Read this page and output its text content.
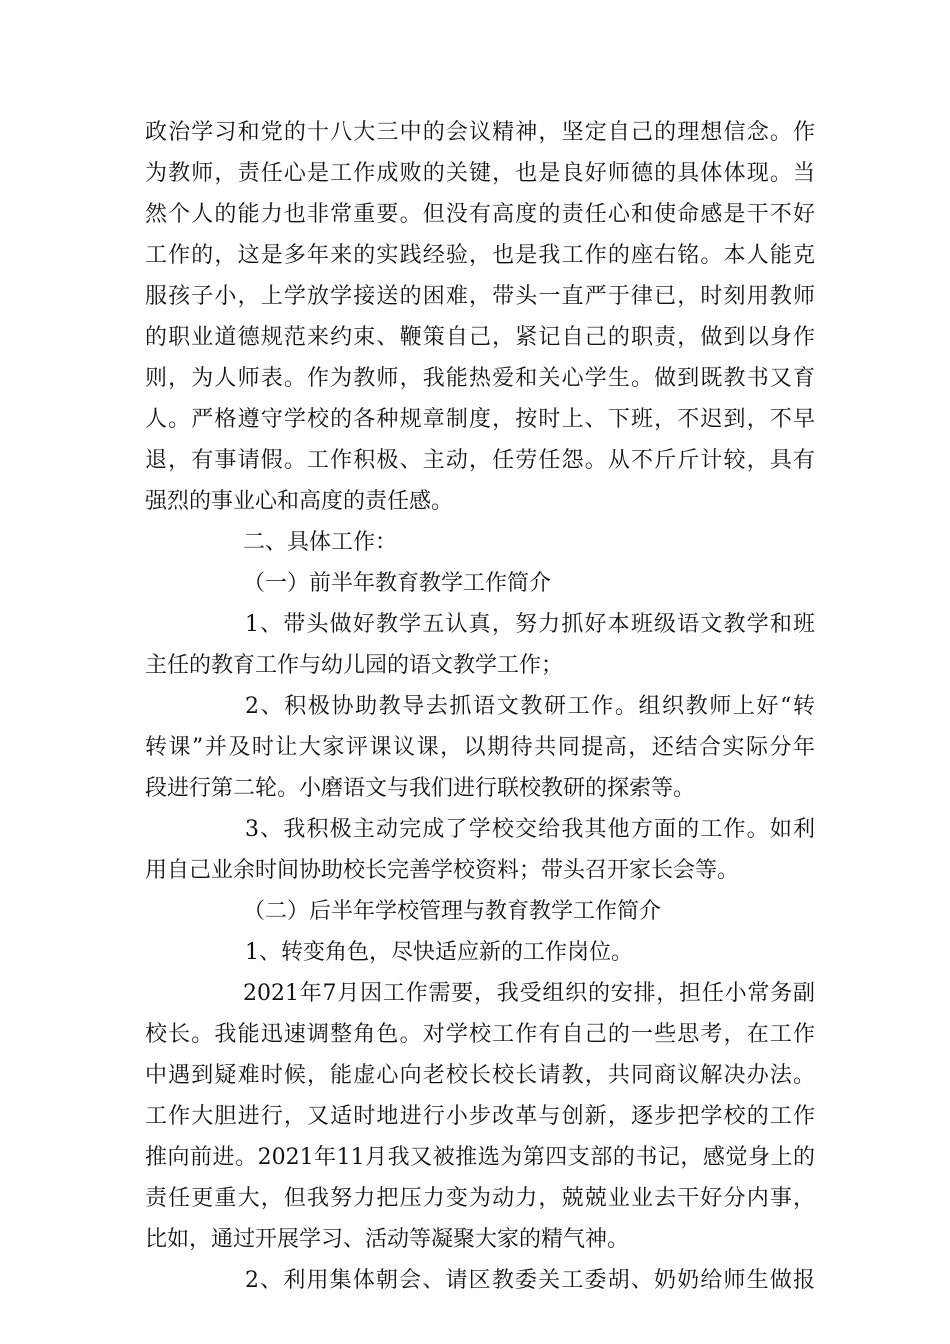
政治学习和党的十八大三中的会议精神，坚定自己的理想信念。作
为教师，责任心是工作成败的关键，也是良好师德的具体体现。当
然个人的能力也非常重要。但没有高度的责任心和使命感是干不好
工作的，这是多年来的实践经验，也是我工作的座右铭。本人能克
服孩子小，上学放学接送的困难，带头一直严于律已，时刻用教师
的职业道德规范来约束、鞭策自己，紧记自己的职责，做到以身作
则，为人师表。作为教师，我能热爱和关心学生。做到既教书又育
人。严格遵守学校的各种规章制度，按时上、下班，不迟到，不早
退，有事请假。工作积极、主动，任劳任怨。从不斤斤计较，具有
强烈的事业心和高度的责任感。
二、具体工作：
（一）前半年教育教学工作简介
1、带头做好教学五认真，努力抓好本班级语文教学和班
主任的教育工作与幼儿园的语文教学工作；
2、积极协助教导去抓语文教研工作。组织教师上好“转
转课”并及时让大家评课议课，以期待共同提高，还结合实际分年
段进行第二轮。小磨语文与我们进行联校教研的探索等。
3、我积极主动完成了学校交给我其他方面的工作。如利
用自己业余时间协助校长完善学校资料；带头召开家长会等。
（二）后半年学校管理与教育教学工作简介
1、转变角色，尽快适应新的工作岗位。
2021年7月因工作需要，我受组织的安排，担任小常务副
校长。我能迅速调整角色。对学校工作有自己的一些思考，在工作
中遇到疑难时候，能虚心向老校长校长请教，共同商议解决办法。
工作大胆进行，又适时地进行小步改革与创新，逐步把学校的工作
推向前进。2021年11月我又被推选为第四支部的书记，感觉身上的
责任更重大，但我努力把压力变为动力，兢兢业业去干好分内事，
比如，通过开展学习、活动等凝聚大家的精气神。
2、利用集体朝会、请区教委关工委胡、奶奶给师生做报
